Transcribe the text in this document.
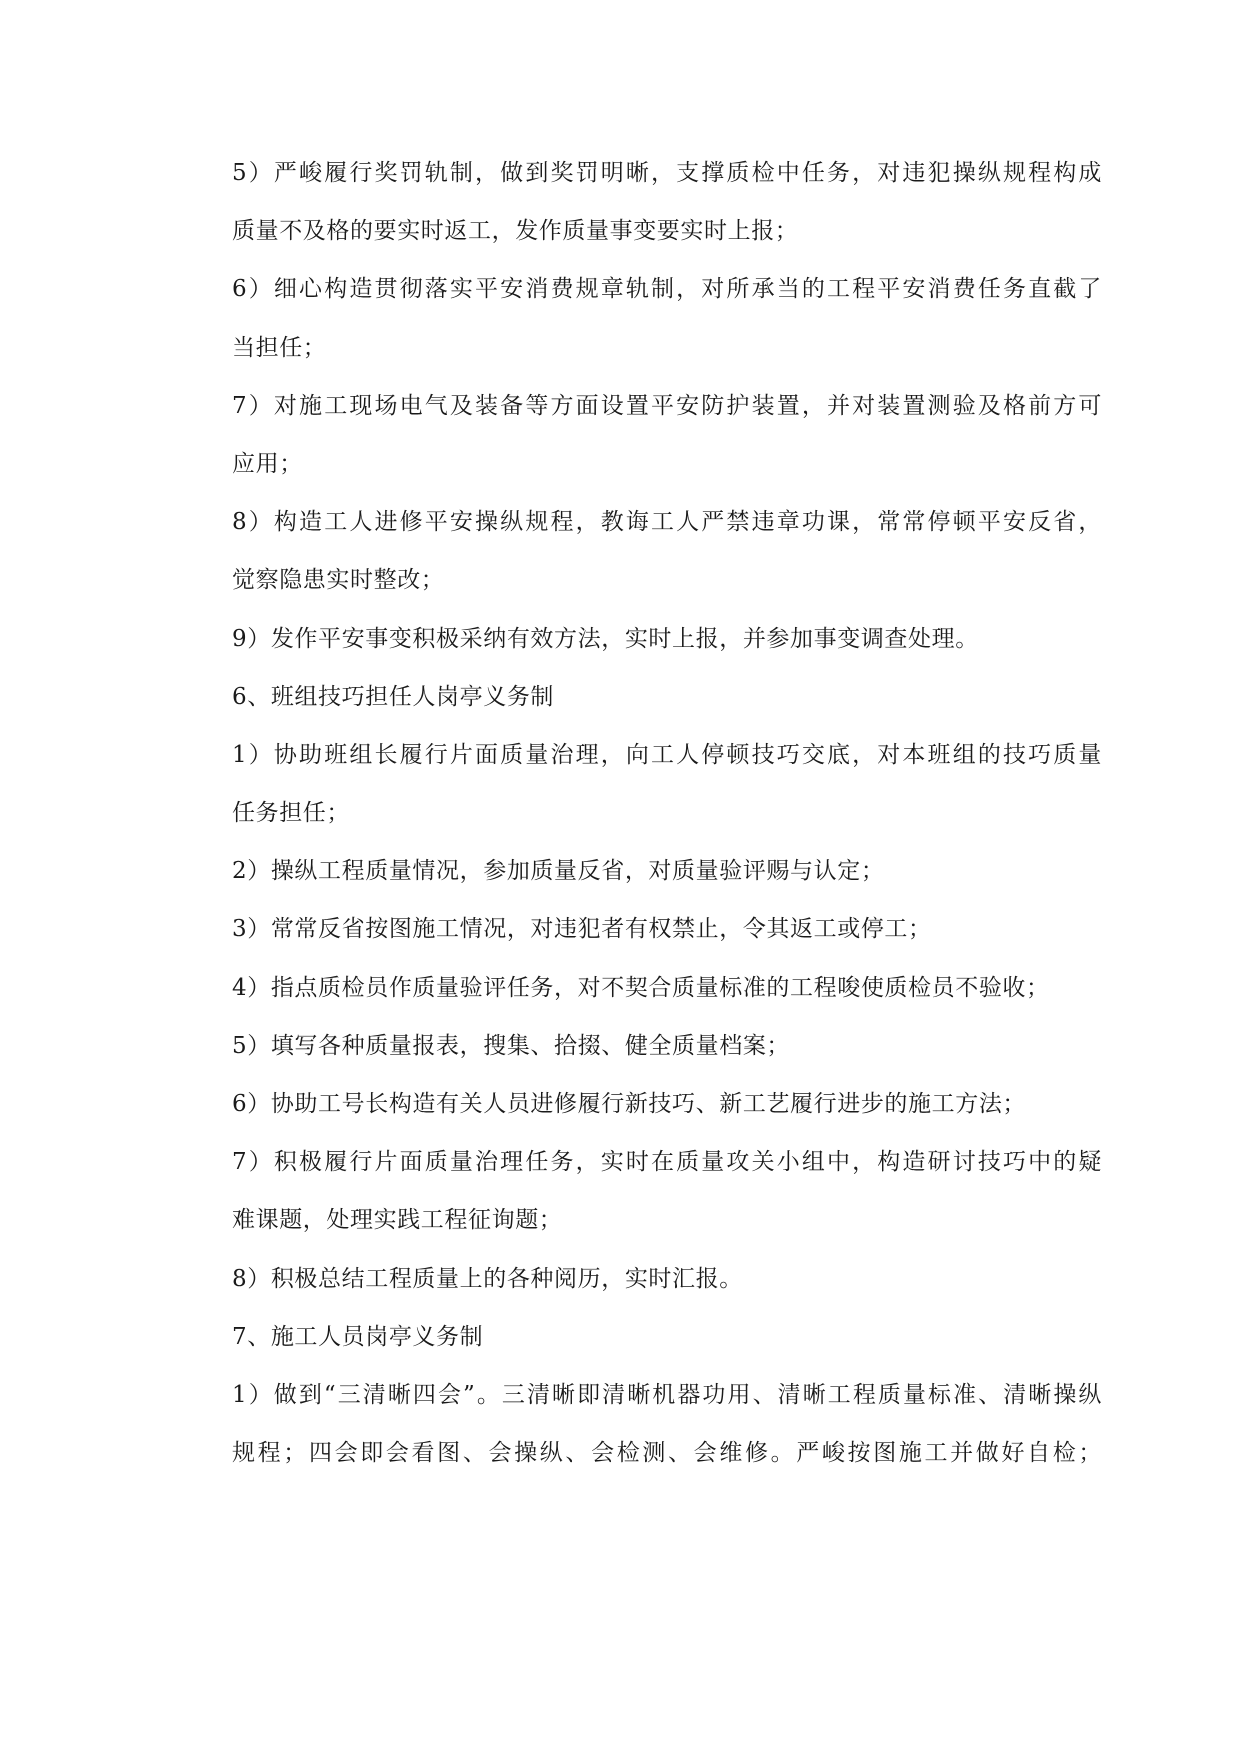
5）严峻履行奖罚轨制，做到奖罚明晰，支撑质检中任务，对违犯操纵规程构成
质量不及格的要实时返工，发作质量事变要实时上报；
6）细心构造贯彻落实平安消费规章轨制，对所承当的工程平安消费任务直截了
当担任；
7）对施工现场电气及装备等方面设置平安防护装置，并对装置测验及格前方可
应用；
8）构造工人进修平安操纵规程，教诲工人严禁违章功课，常常停顿平安反省，
觉察隐患实时整改；
9）发作平安事变积极采纳有效方法，实时上报，并参加事变调查处理。
6、班组技巧担任人岗亭义务制
1）协助班组长履行片面质量治理，向工人停顿技巧交底，对本班组的技巧质量
任务担任；
2）操纵工程质量情况，参加质量反省，对质量验评赐与认定；
3）常常反省按图施工情况，对违犯者有权禁止，令其返工或停工；
4）指点质检员作质量验评任务，对不契合质量标准的工程唆使质检员不验收；
5）填写各种质量报表，搜集、拾掇、健全质量档案；
6）协助工号长构造有关人员进修履行新技巧、新工艺履行进步的施工方法；
7）积极履行片面质量治理任务，实时在质量攻关小组中，构造研讨技巧中的疑
难课题，处理实践工程征询题；
8）积极总结工程质量上的各种阅历，实时汇报。
7、施工人员岗亭义务制
1）做到“三清晰四会”。三清晰即清晰机器功用、清晰工程质量标准、清晰操纵
规程；四会即会看图、会操纵、会检测、会维修。严峻按图施工并做好自检；
